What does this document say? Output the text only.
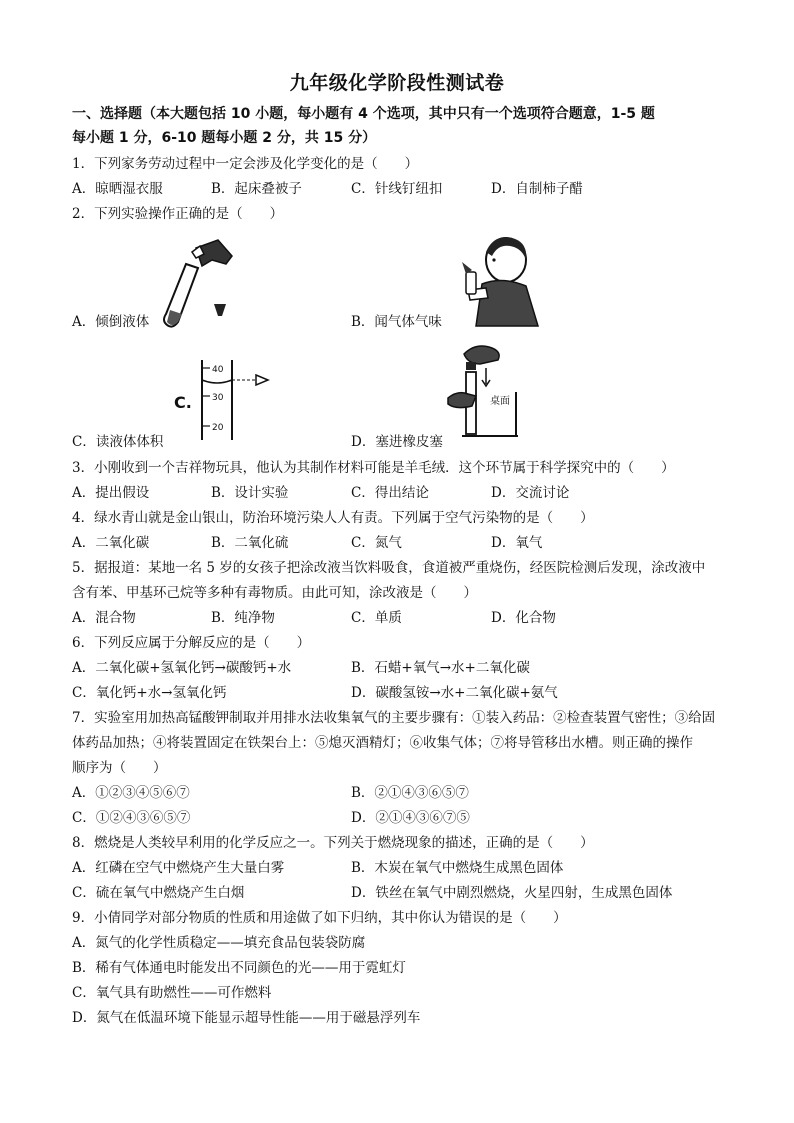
九年级化学阶段性测试卷
一、选择题（本大题包括 10 小题，每小题有 4 个选项，其中只有一个选项符合题意，1-5 题
每小题 1 分，6-10 题每小题 2 分，共 15 分）
1．下列家务劳动过程中一定会涉及化学变化的是（　　）
A．晾晒湿衣服	B．起床叠被子	C．针线钉纽扣	D．自制柿子醋
2．下列实验操作正确的是（　　）
A．倾倒液体	B．闻气体气味
C.
40
30
20
桌面
C．读液体体积	D．塞进橡皮塞
3．小刚收到一个吉祥物玩具，他认为其制作材料可能是羊毛绒．这个环节属于科学探究中的（　　）
A．提出假设	B．设计实验	C．得出结论	D．交流讨论
4．绿水青山就是金山银山，防治环境污染人人有责。下列属于空气污染物的是（　　）
A．二氧化碳	B．二氧化硫	C．氮气	D．氧气
5．据报道：某地一名 5 岁的女孩子把涂改液当饮料吸食，食道被严重烧伤，经医院检测后发现，涂改液中
含有苯、甲基环己烷等多种有毒物质。由此可知，涂改液是（　　）
A．混合物	B．纯净物	C．单质	D．化合物
6．下列反应属于分解反应的是（　　）
A．二氧化碳+氢氧化钙→碳酸钙+水	B．石蜡+氧气→水+二氧化碳
C．氧化钙+水→氢氧化钙	D．碳酸氢铵→水+二氧化碳+氨气
7．实验室用加热高锰酸钾制取并用排水法收集氧气的主要步骤有：①装入药品：②检查装置气密性；③给固
体药品加热；④将装置固定在铁架台上：⑤熄灭酒精灯；⑥收集气体；⑦将导管移出水槽。则正确的操作
顺序为（　　）
A．①②③④⑤⑥⑦	B．②①④③⑥⑤⑦
C．①②④③⑥⑤⑦	D．②①④③⑥⑦⑤
8．燃烧是人类较早利用的化学反应之一。下列关于燃烧现象的描述，正确的是（　　）
A．红磷在空气中燃烧产生大量白雾	B．木炭在氧气中燃烧生成黑色固体
C．硫在氧气中燃烧产生白烟	D．铁丝在氧气中剧烈燃烧，火星四射，生成黑色固体
9．小倩同学对部分物质的性质和用途做了如下归纳，其中你认为错误的是（　　）
A．氮气的化学性质稳定——填充食品包装袋防腐
B．稀有气体通电时能发出不同颜色的光——用于霓虹灯
C．氧气具有助燃性——可作燃料
D．氮气在低温环境下能显示超导性能——用于磁悬浮列车
